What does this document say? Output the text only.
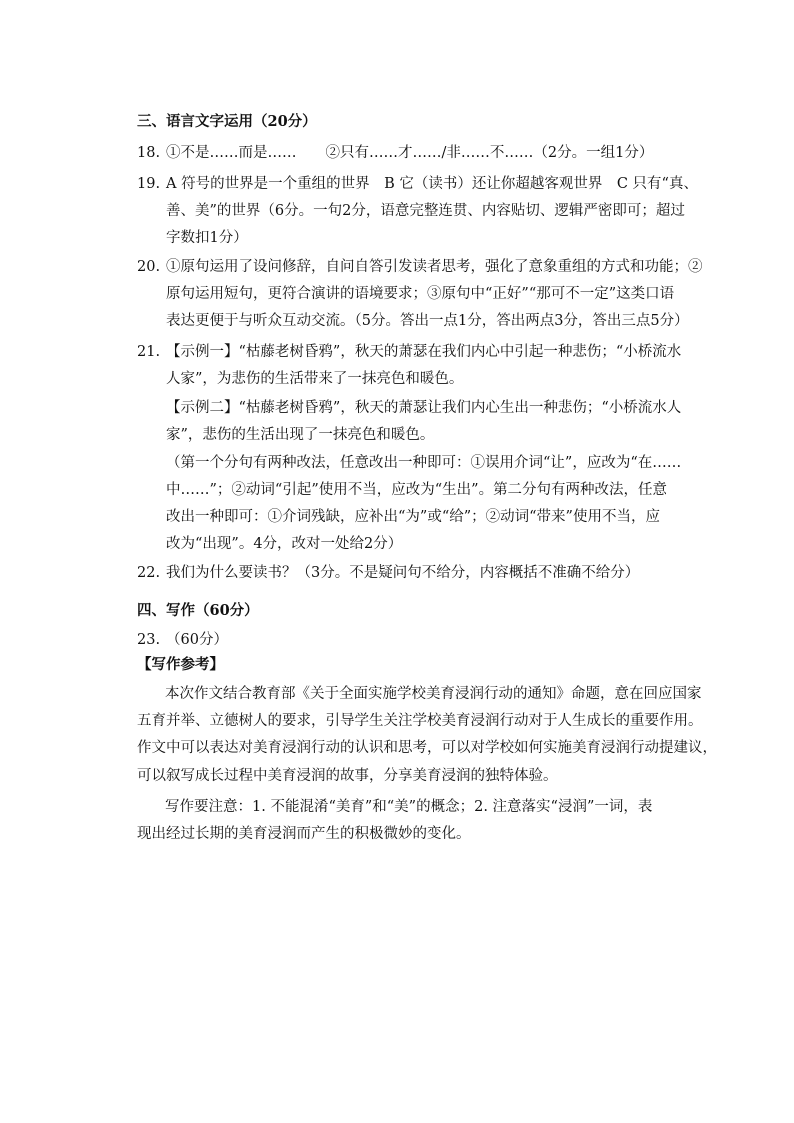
三、语言文字运用（20分）
18. ①不是……而是……　　②只有……才……/非……不……（2分。一组1分）
19. A 符号的世界是一个重组的世界　B 它（读书）还让你超越客观世界　C 只有“真、
善、美”的世界（6分。一句2分，语意完整连贯、内容贴切、逻辑严密即可；超过
字数扣1分）
20. ①原句运用了设问修辞，自问自答引发读者思考，强化了意象重组的方式和功能；②
原句运用短句，更符合演讲的语境要求；③原句中“正好”“那可不一定”这类口语
表达更便于与听众互动交流。（5分。答出一点1分，答出两点3分，答出三点5分）
21. 【示例一】“枯藤老树昏鸦”，秋天的萧瑟在我们内心中引起一种悲伤；“小桥流水
人家”，为悲伤的生活带来了一抹亮色和暖色。
【示例二】“枯藤老树昏鸦”，秋天的萧瑟让我们内心生出一种悲伤；“小桥流水人
家”，悲伤的生活出现了一抹亮色和暖色。
（第一个分句有两种改法，任意改出一种即可：①误用介词“让”，应改为“在……
中……”；②动词“引起”使用不当，应改为“生出”。第二分句有两种改法，任意
改出一种即可：①介词残缺，应补出“为”或“给”；②动词“带来”使用不当，应
改为“出现”。4分，改对一处给2分）
22. 我们为什么要读书？（3分。不是疑问句不给分，内容概括不准确不给分）
四、写作（60分）
23. （60分）
【写作参考】
本次作文结合教育部《关于全面实施学校美育浸润行动的通知》命题，意在回应国家
五育并举、立德树人的要求，引导学生关注学校美育浸润行动对于人生成长的重要作用。
作文中可以表达对美育浸润行动的认识和思考，可以对学校如何实施美育浸润行动提建议，
可以叙写成长过程中美育浸润的故事，分享美育浸润的独特体验。
写作要注意：1. 不能混淆“美育”和“美”的概念；2. 注意落实“浸润”一词，表
现出经过长期的美育浸润而产生的积极微妙的变化。
